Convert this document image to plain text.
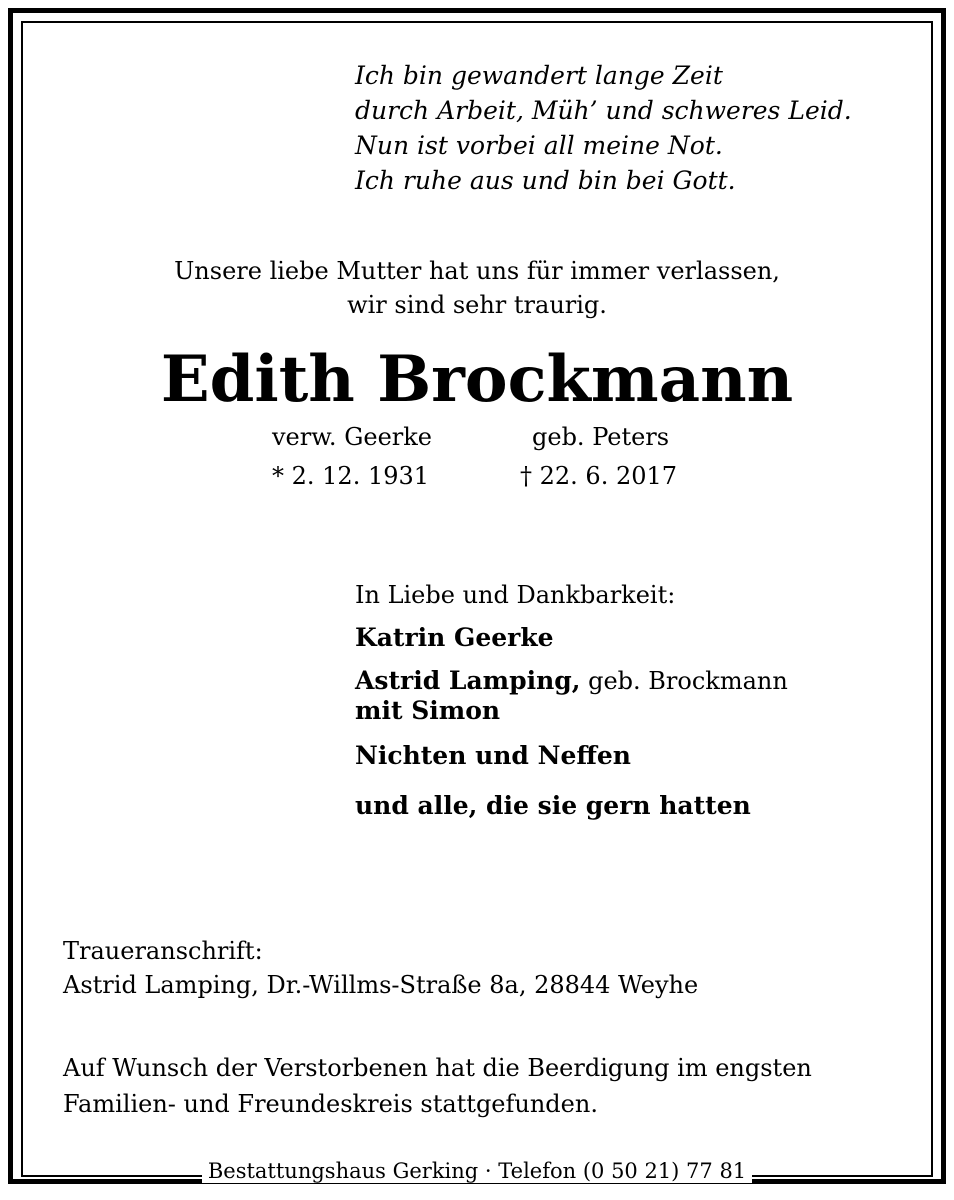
Ich bin gewandert lange Zeit
durch Arbeit, Müh’ und schweres Leid.
Nun ist vorbei all meine Not.
Ich ruhe aus und bin bei Gott.
Unsere liebe Mutter hat uns für immer verlassen,
wir sind sehr traurig.
Edith Brockmann
verw. Geerke	geb. Peters
* 2. 12. 1931	† 22. 6. 2017
In Liebe und Dankbarkeit:
Katrin Geerke
Astrid Lamping, geb. Brockmann
mit Simon
Nichten und Neffen
und alle, die sie gern hatten
Traueranschrift:
Astrid Lamping, Dr.-Willms-Straße 8a, 28844 Weyhe
Auf Wunsch der Verstorbenen hat die Beerdigung im engsten
Familien- und Freundeskreis stattgefunden.
Bestattungshaus Gerking · Telefon (0 50 21) 77 81
